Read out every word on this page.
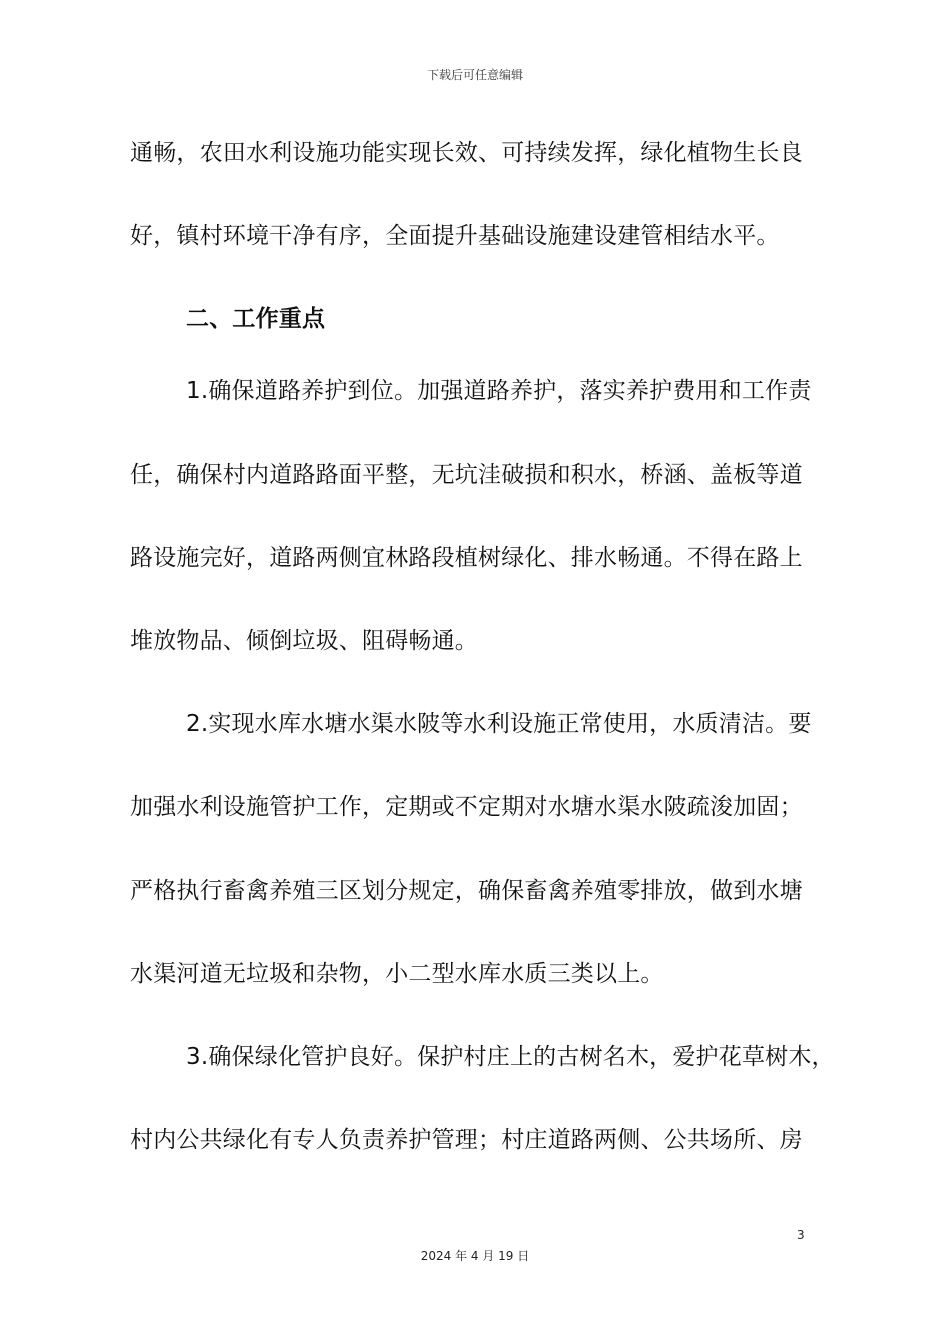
下载后可任意编辑
通畅，农田水利设施功能实现长效、可持续发挥，绿化植物生长良
好，镇村环境干净有序，全面提升基础设施建设建管相结水平。
二、工作重点
1.确保道路养护到位。加强道路养护，落实养护费用和工作责
任，确保村内道路路面平整，无坑洼破损和积水，桥涵、盖板等道
路设施完好，道路两侧宜林路段植树绿化、排水畅通。不得在路上
堆放物品、倾倒垃圾、阻碍畅通。
2.实现水库水塘水渠水陂等水利设施正常使用，水质清洁。要
加强水利设施管护工作，定期或不定期对水塘水渠水陂疏浚加固；
严格执行畜禽养殖三区划分规定，确保畜禽养殖零排放，做到水塘
水渠河道无垃圾和杂物，小二型水库水质三类以上。
3.确保绿化管护良好。保护村庄上的古树名木，爱护花草树木，
村内公共绿化有专人负责养护管理；村庄道路两侧、公共场所、房
3
2024 年 4 月 19 日
